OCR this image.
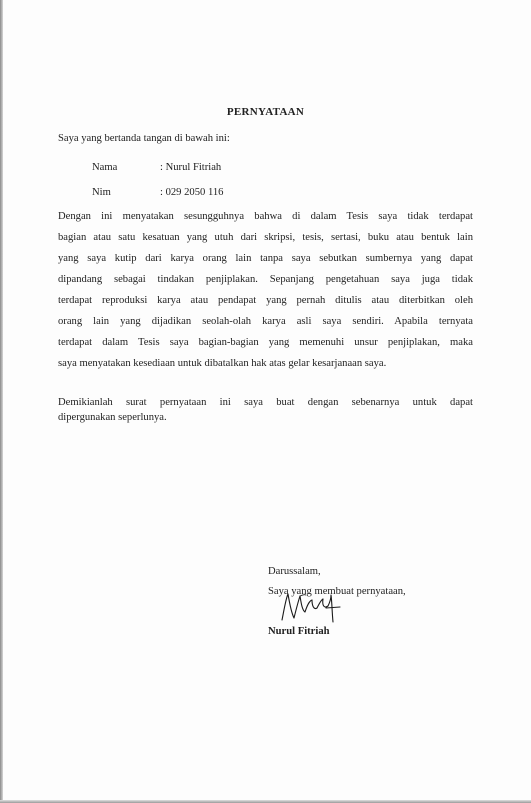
PERNYATAAN
Saya yang bertanda tangan di bawah ini:
Nama	: Nurul Fitriah
Nim	: 029 2050 116
Dengan ini menyatakan sesungguhnya bahwa di dalam Tesis saya tidak terdapat
bagian atau satu kesatuan yang utuh dari skripsi, tesis, sertasi, buku atau bentuk lain
yang saya kutip dari karya orang lain tanpa saya sebutkan sumbernya yang dapat
dipandang sebagai tindakan penjiplakan. Sepanjang pengetahuan saya juga tidak
terdapat reproduksi karya atau pendapat yang pernah ditulis atau diterbitkan oleh
orang lain yang dijadikan seolah-olah karya asli saya sendiri. Apabila ternyata
terdapat dalam Tesis saya bagian-bagian yang memenuhi unsur penjiplakan, maka
saya menyatakan kesediaan untuk dibatalkan hak atas gelar kesarjanaan saya.
Demikianlah surat pernyataan ini saya buat dengan sebenarnya untuk dapat
dipergunakan seperlunya.
Darussalam,
Saya yang membuat pernyataan,
Nurul Fitriah
